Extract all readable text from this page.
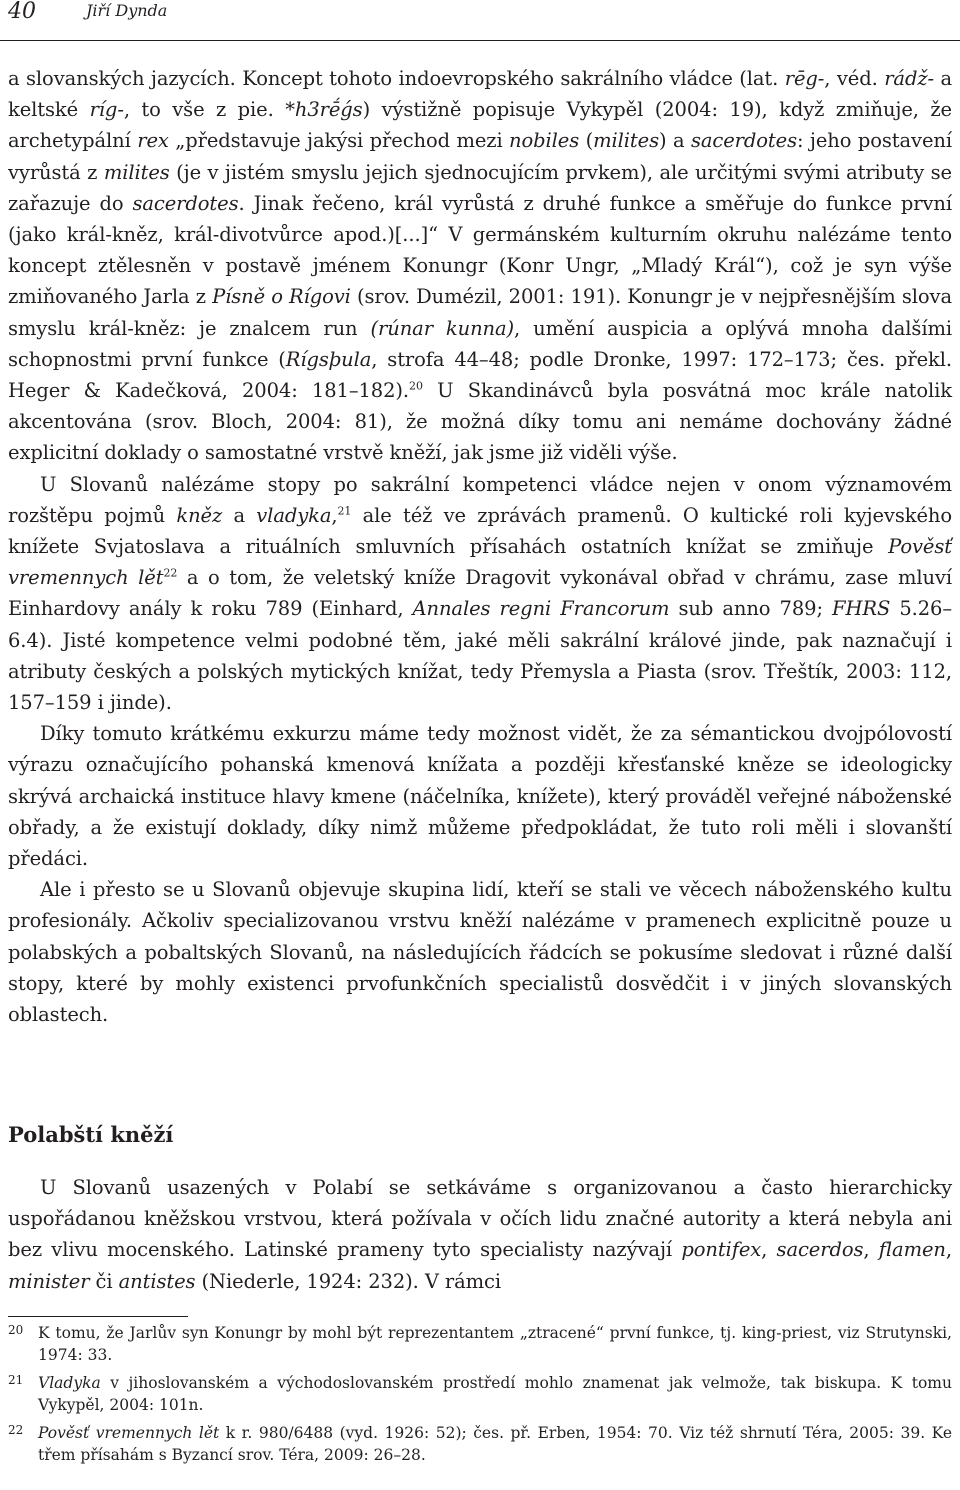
40	Jiří Dynda

a slovanských jazycích. Koncept tohoto indoevropského sakrálního vládce (lat. rēg-, véd. rádž- a keltské ríg-, to vše z pie. *h3rḗǵs) výstižně popisuje Vykypěl (2004: 19), když zmiňuje, že archetypální rex „představuje jakýsi přechod mezi nobiles (milites) a sacerdotes: jeho postavení vyrůstá z milites (je v jistém smyslu jejich sjednocujícím prvkem), ale určitými svými atributy se zařazuje do sacerdotes. Jinak řečeno, král vyrůstá z druhé funkce a směřuje do funkce první (jako král-kněz, král-divotvůrce apod.)[...]“ V germánském kulturním okruhu nalézáme tento koncept ztělesněn v postavě jménem Konungr (Konr Ungr, „Mladý Král“), což je syn výše zmiňovaného Jarla z Písně o Rígovi (srov. Dumézil, 2001: 191). Konungr je v nejpřesnějším slova smyslu král-kněz: je znalcem run (rúnar kunna), umění auspicia a oplývá mnoha dalšími schopnostmi první funkce (Rígsþula, strofa 44–48; podle Dronke, 1997: 172–173; čes. překl. Heger & Kadečková, 2004: 181–182).$^{20}$ U Skandinávců byla posvátná moc krále natolik akcentována (srov. Bloch, 2004: 81), že možná díky tomu ani nemáme dochovány žádné explicitní doklady o samostatné vrstvě kněží, jak jsme již viděli výše.

U Slovanů nalézáme stopy po sakrální kompetenci vládce nejen v onom významovém rozštěpu pojmů kněz a vladyka,$^{21}$ ale též ve zprávách pramenů. O kultické roli kyjevského knížete Svjatoslava a rituálních smluvních přísahách ostatních knížat se zmiňuje Pověsť vremennych lět$^{22}$ a o tom, že veletský kníže Dragovit vykonával obřad v chrámu, zase mluví Einhardovy anály k roku 789 (Einhard, Annales regni Francorum sub anno 789; FHRS 5.26–6.4). Jisté kompetence velmi podobné těm, jaké měli sakrální králové jinde, pak naznačují i atributy českých a polských mytických knížat, tedy Přemysla a Piasta (srov. Třeštík, 2003: 112, 157–159 i jinde).

Díky tomuto krátkému exkurzu máme tedy možnost vidět, že za sémantickou dvojpólovostí výrazu označujícího pohanská kmenová knížata a později křesťanské kněze se ideologicky skrývá archaická instituce hlavy kmene (náčelníka, knížete), který prováděl veřejné náboženské obřady, a že existují doklady, díky nimž můžeme předpokládat, že tuto roli měli i slovanští předáci.

Ale i přesto se u Slovanů objevuje skupina lidí, kteří se stali ve věcech náboženského kultu profesionály. Ačkoliv specializovanou vrstvu kněží nalézáme v pramenech explicitně pouze u polabských a pobaltských Slovanů, na následujících řádcích se pokusíme sledovat i různé další stopy, které by mohly existenci prvofunkčních specialistů dosvědčit i v jiných slovanských oblastech.

Polabští kněží

U Slovanů usazených v Polabí se setkáváme s organizovanou a často hierarchicky uspořádanou kněžskou vrstvou, která požívala v očích lidu značné autority a která nebyla ani bez vlivu mocenského. Latinské prameny tyto specialisty nazývají pontifex, sacerdos, flamen, minister či antistes (Niederle, 1924: 232). V rámci

20 K tomu, že Jarlův syn Konungr by mohl být reprezentantem „ztracené“ první funkce, tj. king-priest, viz Strutynski, 1974: 33.

21 Vladyka v jihoslovanském a východoslovanském prostředí mohlo znamenat jak velmože, tak biskupa. K tomu Vykypěl, 2004: 101n.

22 Pověsť vremennych lět k r. 980/6488 (vyd. 1926: 52); čes. př. Erben, 1954: 70. Viz též shrnutí Téra, 2005: 39. Ke třem přísahám s Byzancí srov. Téra, 2009: 26–28.
